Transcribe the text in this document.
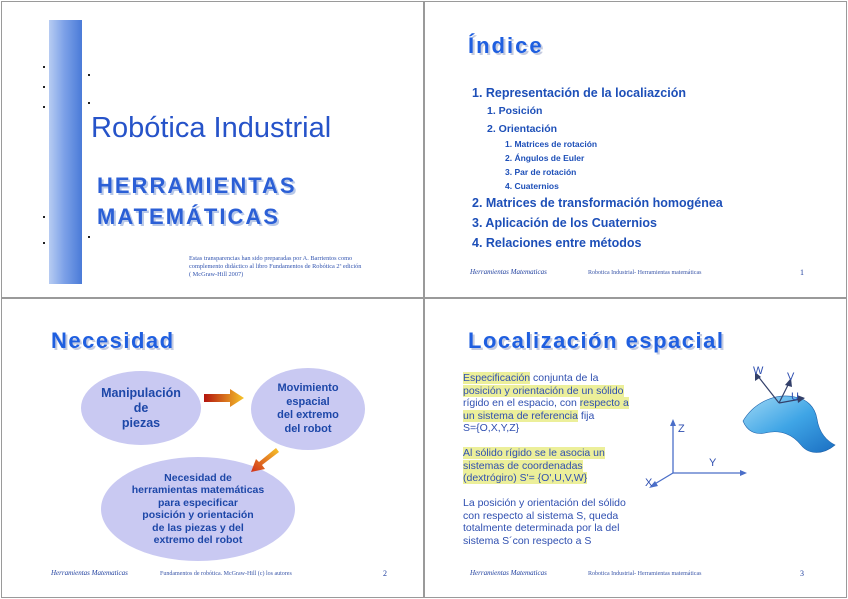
Robótica Industrial
HERRAMIENTAS
MATEMÁTICAS
Estas transparencias han sido preparadas por A. Barrientos como
complemento didáctico al libro Fundamentos de Robótica 2ª edición
( McGraw-Hill 2007)
Índice
1. Representación de la localiazción
1. Posición
2. Orientación
1. Matrices de rotación
2. Ángulos de Euler
3. Par de rotación
4. Cuaternios
2. Matrices de transformación homogénea
3. Aplicación de los Cuaternios
4. Relaciones entre métodos
Herramientas Matematicas	Robotica Industrial- Herramientas matemáticas	1
Necesidad
Manipulación
de
piezas
Movimiento
espacial
del extremo
del robot
Necesidad de
herramientas matemáticas
para especificar
posición y orientación
de las piezas y del
extremo del robot
Herramientas Matematicas	Fundamentos de robótica. McGraw-Hill (c) los autores	2
Localización espacial
Especificación conjunta de la
posición y orientación de un sólido
rígido en el espacio, con respecto a
un sistema de referencia fija
S={O,X,Y,Z}
Al sólido rígido se le asocia un
sistemas de coordenadas
(dextrógiro) S'= {O',U,V,W}
La posición y orientación del sólido
con respecto al sistema S, queda
totalmente determinada por la del
sistema S´con respecto a S
Z
Y
X
W V
U
Herramientas Matematicas	Robotica Industrial- Herramientas matemáticas	3
